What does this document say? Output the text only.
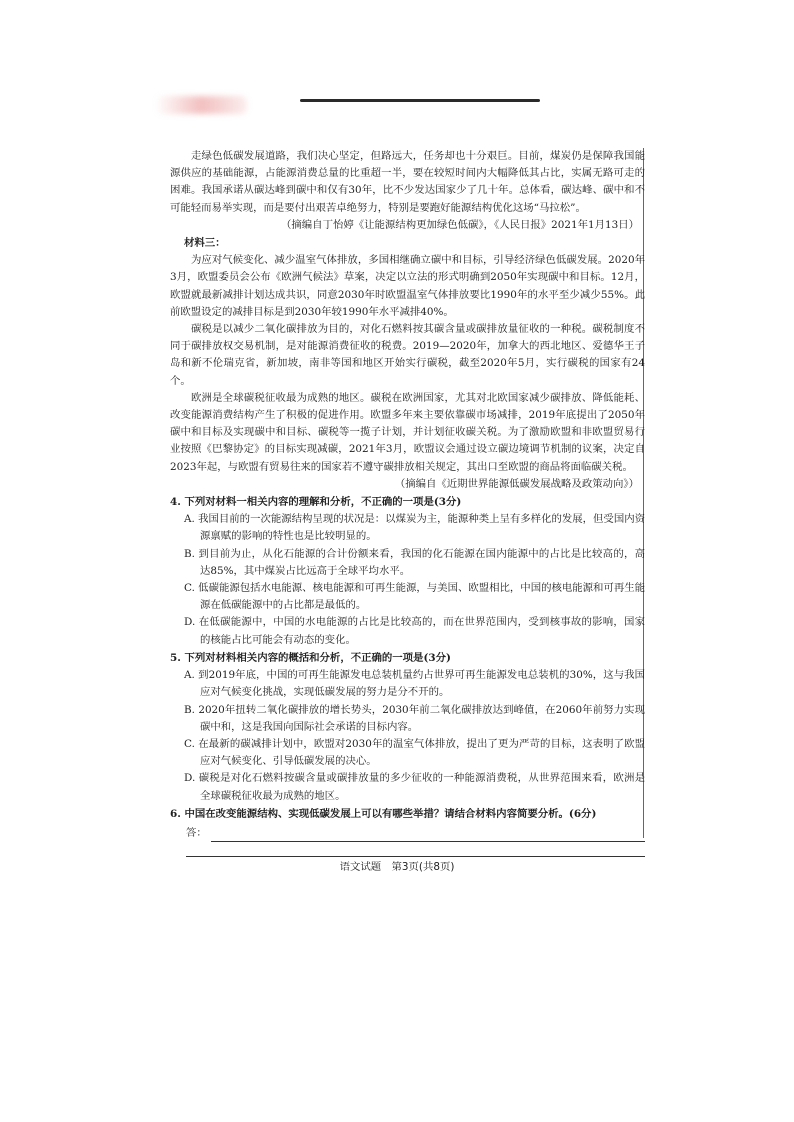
走绿色低碳发展道路，我们决心坚定，但路远大，任务却也十分艰巨。目前，煤炭仍是保障我国能源供应的基础能源，占能源消费总量的比重超一半，要在较短时间内大幅降低其占比，实属无路可走的困难。我国承诺从碳达峰到碳中和仅有30年，比不少发达国家少了几十年。总体看，碳达峰、碳中和不可能轻而易举实现，而是要付出艰苦卓绝努力，特别是要跑好能源结构优化这场“马拉松”。

（摘编自丁怡婷《让能源结构更加绿色低碳》，《人民日报》2021年1月13日）

材料三：

为应对气候变化、减少温室气体排放，多国相继确立碳中和目标，引导经济绿色低碳发展。2020年3月，欧盟委员会公布《欧洲气候法》草案，决定以立法的形式明确到2050年实现碳中和目标。12月，欧盟就最新减排计划达成共识，同意2030年时欧盟温室气体排放要比1990年的水平至少减少55%。此前欧盟设定的减排目标是到2030年较1990年水平减排40%。

碳税是以减少二氧化碳排放为目的，对化石燃料按其碳含量或碳排放量征收的一种税。碳税制度不同于碳排放权交易机制，是对能源消费征收的税费。2019—2020年，加拿大的西北地区、爱德华王子岛和新不伦瑞克省，新加坡，南非等国和地区开始实行碳税，截至2020年5月，实行碳税的国家有24个。

欧洲是全球碳税征收最为成熟的地区。碳税在欧洲国家，尤其对北欧国家减少碳排放、降低能耗、改变能源消费结构产生了积极的促进作用。欧盟多年来主要依靠碳市场减排，2019年底提出了2050年碳中和目标及实现碳中和目标、碳税等一揽子计划，并计划征收碳关税。为了激励欧盟和非欧盟贸易行业按照《巴黎协定》的目标实现减碳，2021年3月，欧盟议会通过设立碳边境调节机制的议案，决定自2023年起，与欧盟有贸易往来的国家若不遵守碳排放相关规定，其出口至欧盟的商品将面临碳关税。

（摘编自《近期世界能源低碳发展战略及政策动向》）

4. 下列对材料一相关内容的理解和分析，不正确的一项是(3分)

A. 我国目前的一次能源结构呈现的状况是：以煤炭为主，能源种类上呈有多样化的发展，但受国内资源禀赋的影响的特性也是比较明显的。

B. 到目前为止，从化石能源的合计份额来看，我国的化石能源在国内能源中的占比是比较高的，高达85%，其中煤炭占比远高于全球平均水平。

C. 低碳能源包括水电能源、核电能源和可再生能源，与美国、欧盟相比，中国的核电能源和可再生能源在低碳能源中的占比都是最低的。

D. 在低碳能源中，中国的水电能源的占比是比较高的，而在世界范围内，受到核事故的影响，国家的核能占比可能会有动态的变化。

5. 下列对材料相关内容的概括和分析，不正确的一项是(3分)

A. 到2019年底，中国的可再生能源发电总装机量约占世界可再生能源发电总装机的30%，这与我国应对气候变化挑战，实现低碳发展的努力是分不开的。

B. 2020年扭转二氧化碳排放的增长势头，2030年前二氧化碳排放达到峰值，在2060年前努力实现碳中和，这是我国向国际社会承诺的目标内容。

C. 在最新的碳减排计划中，欧盟对2030年的温室气体排放，提出了更为严苛的目标，这表明了欧盟应对气候变化、引导低碳发展的决心。

D. 碳税是对化石燃料按碳含量或碳排放量的多少征收的一种能源消费税，从世界范围来看，欧洲是全球碳税征收最为成熟的地区。

6. 中国在改变能源结构、实现低碳发展上可以有哪些举措？请结合材料内容简要分析。(6分)

答：
语文试题　第3页(共8页)
